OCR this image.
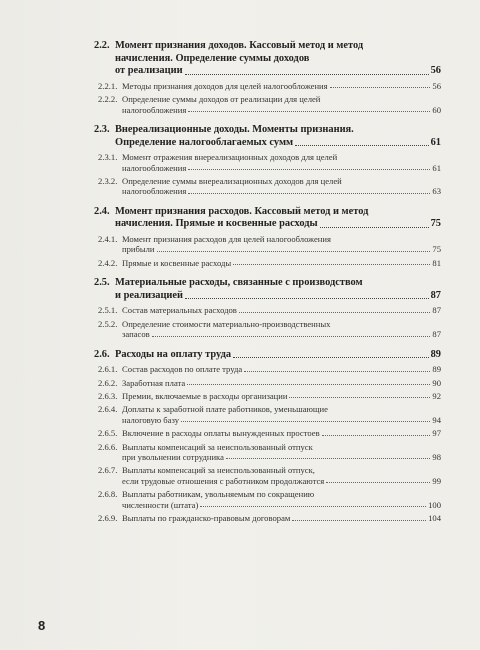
2.2. Момент признания доходов. Кассовый метод и метод
начисления. Определение суммы доходов
от реализации	56
2.2.1. Методы признания доходов для целей налогообложения	56
2.2.2. Определение суммы доходов от реализации для целей
налогообложения	60
2.3. Внереализационные доходы. Моменты признания.
Определение налогооблагаемых сумм	61
2.3.1. Момент отражения внереализационных доходов для целей
налогообложения	61
2.3.2. Определение суммы внереализационных доходов для целей
налогообложения	63
2.4. Момент признания расходов. Кассовый метод и метод
начисления. Прямые и косвенные расходы	75
2.4.1. Момент признания расходов для целей налогообложения
прибыли	75
2.4.2. Прямые и косвенные расходы	81
2.5. Материальные расходы, связанные с производством
и реализацией	87
2.5.1. Состав материальных расходов	87
2.5.2. Определение стоимости материально-производственных
запасов	87
2.6. Расходы на оплату труда	89
2.6.1. Состав расходов по оплате труда	89
2.6.2. Заработная плата	90
2.6.3. Премии, включаемые в расходы организации	92
2.6.4. Доплаты к заработной плате работников, уменьшающие
налоговую базу	94
2.6.5. Включение в расходы оплаты вынужденных простоев	97
2.6.6. Выплаты компенсаций за неиспользованный отпуск
при увольнении сотрудника	98
2.6.7. Выплаты компенсаций за неиспользованный отпуск,
если трудовые отношения с работником продолжаются	99
2.6.8. Выплаты работникам, увольняемым по сокращению
численности (штата)	100
2.6.9. Выплаты по гражданско-правовым договорам	104
8
